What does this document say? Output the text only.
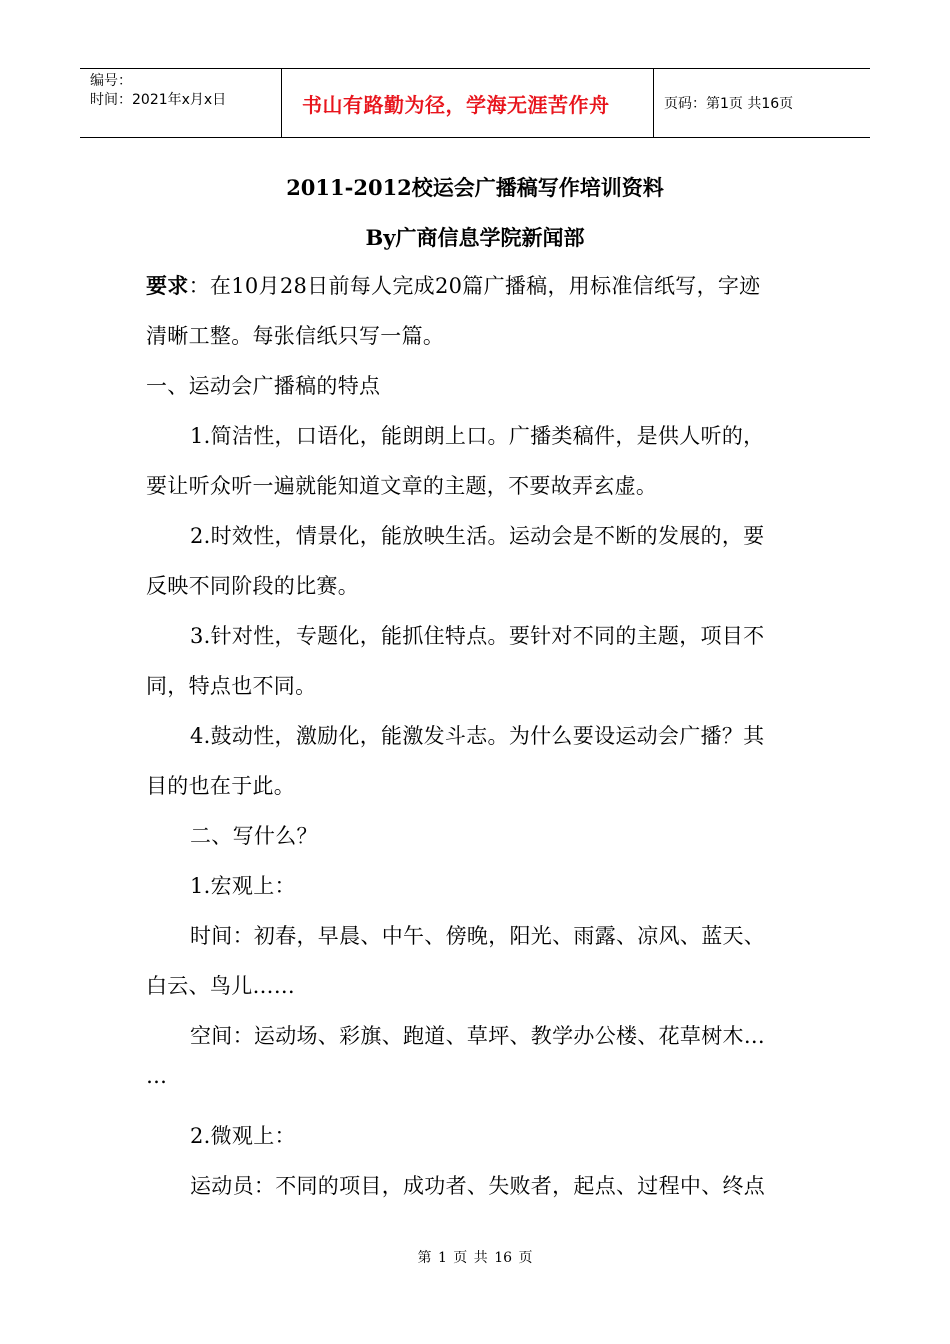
编号：
时间：2021年x月x日	书山有路勤为径，学海无涯苦作舟	页码：第1页 共16页
2011-2012校运会广播稿写作培训资料
By广商信息学院新闻部
要求：在10月28日前每人完成20篇广播稿，用标准信纸写，字迹
清晰工整。每张信纸只写一篇。
一、运动会广播稿的特点
1.简洁性，口语化，能朗朗上口。广播类稿件，是供人听的，
要让听众听一遍就能知道文章的主题，不要故弄玄虚。
2.时效性，情景化，能放映生活。运动会是不断的发展的，要
反映不同阶段的比赛。
3.针对性，专题化，能抓住特点。要针对不同的主题，项目不
同，特点也不同。
4.鼓动性，激励化，能激发斗志。为什么要设运动会广播？其
目的也在于此。
二、写什么？
1.宏观上：
时间：初春，早晨、中午、傍晚，阳光、雨露、凉风、蓝天、
白云、鸟儿……
空间：运动场、彩旗、跑道、草坪、教学办公楼、花草树木…
…
2.微观上：
运动员：不同的项目，成功者、失败者，起点、过程中、终点
第 1 页 共 16 页
